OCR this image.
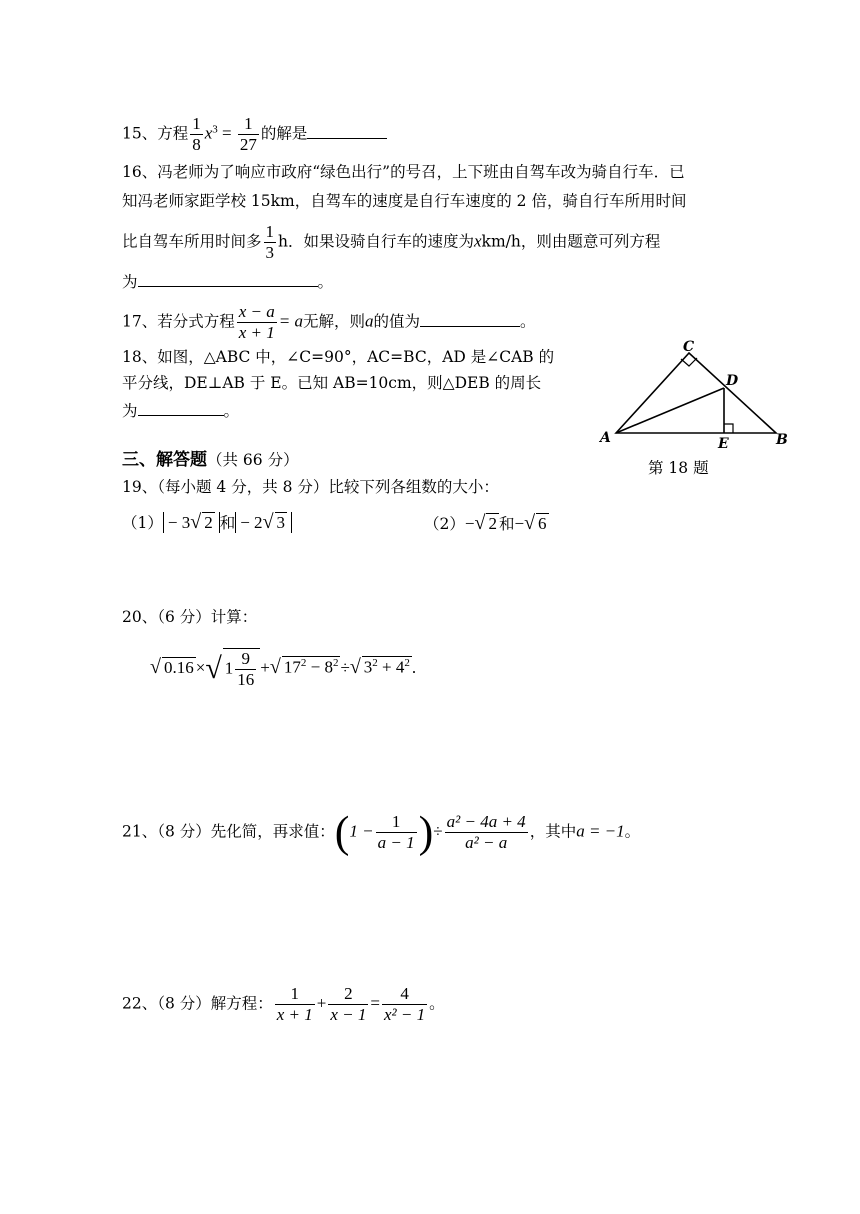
15、方程 $\frac{1}{8} x^3 = \frac{1}{27}$ 的解是
16、冯老师为了响应市政府“绿色出行”的号召，上下班由自驾车改为骑自行车．已
知冯老师家距学校 15km，自驾车的速度是自行车速度的 2 倍，骑自行车所用时间
比自驾车所用时间多 $\frac{1}{3}$ h．如果设骑自行车的速度为xkm/h，则由题意可列方程
为	。
17、若分式方程 $\frac{x - a}{x + 1} = a$无解，则a的值为	。
18、如图，△ABC 中，∠C=90°，AC=BC，AD 是∠CAB 的
平分线，DE⊥AB 于 E。已知 AB=10cm，则△DEB 的周长
为	。
C
D
A	E	B
第 18 题
三、解答题（共 66 分）
19、（每小题 4 分，共 8 分）比较下列各组数的大小：
（1） − 3√ 2 和 − 2√ 3	（2）−√ 2 和−√ 6
20、（6 分）计算：
√ 0.16 ×√ $1 \frac{9}{16}$ +√ $17^2 - 8^2$ ÷√ $3^2 + 4^2$ .
21、（8 分）先化简，再求值：($1 - \frac{1}{a - 1}$ )÷ $\frac{\text{a² − 4a + 4}}{\text{a² − a}}$ ，其中a = −1。
22、（8 分）解方程： $\frac{1}{x + 1} + \frac{2}{x - 1} = \frac{4}{\text{x² − 1}}$ 。
